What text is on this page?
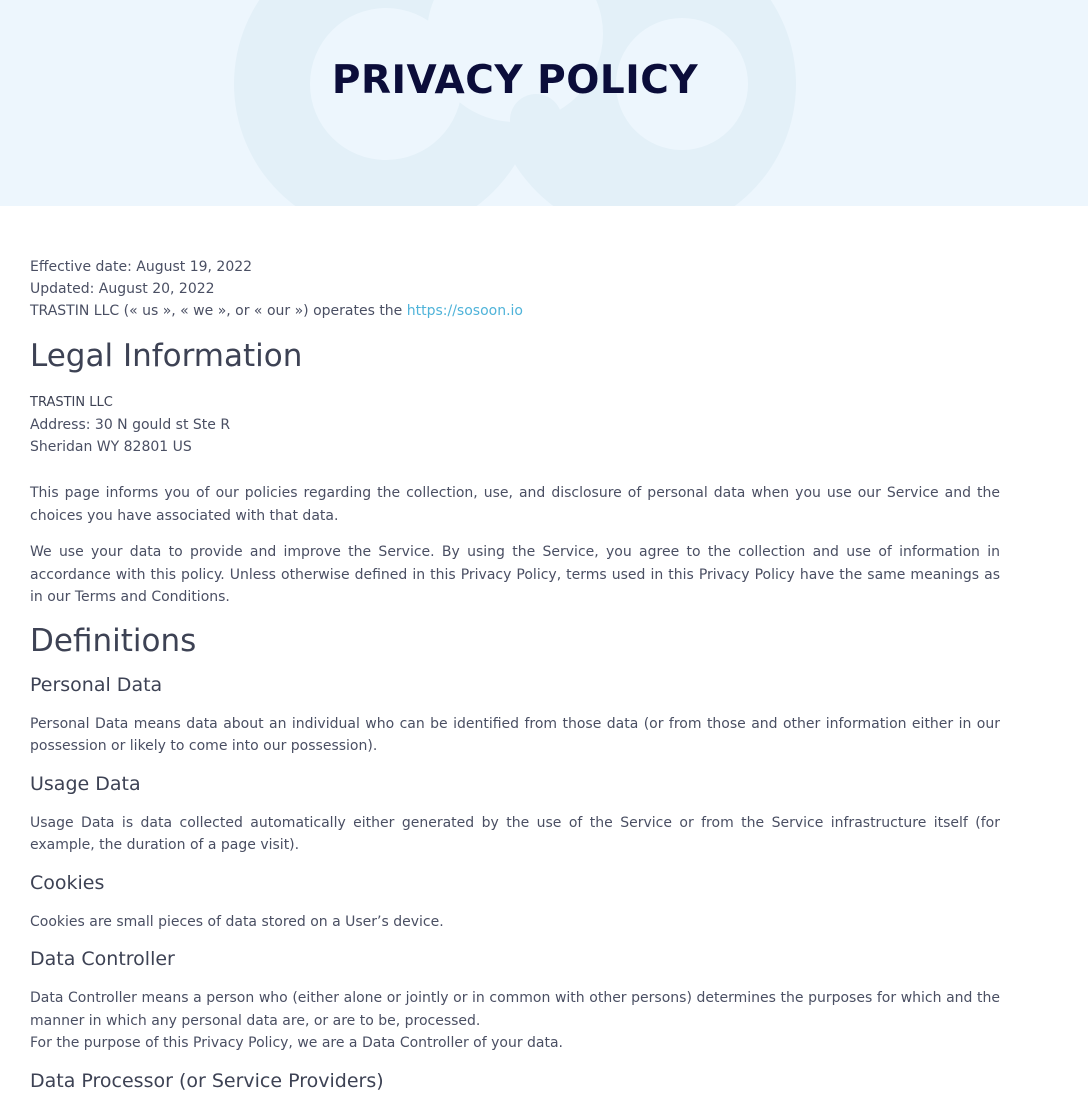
PRIVACY POLICY

Effective date: August 19, 2022

Updated: August 20, 2022

TRASTIN LLC (« us », « we », or « our ») operates the https://sosoon.io

Legal Information

TRASTIN LLC

Address: 30 N gould st Ste R

Sheridan WY 82801 US

This page informs you of our policies regarding the collection, use, and disclosure of personal data when you use our Service and the choices you have associated with that data.

We use your data to provide and improve the Service. By using the Service, you agree to the collection and use of information in accordance with this policy. Unless otherwise defined in this Privacy Policy, terms used in this Privacy Policy have the same meanings as in our Terms and Conditions.

Definitions
Personal Data

Personal Data means data about an individual who can be identified from those data (or from those and other information either in our possession or likely to come into our possession).

Usage Data

Usage Data is data collected automatically either generated by the use of the Service or from the Service infrastructure itself (for example, the duration of a page visit).

Cookies

Cookies are small pieces of data stored on a User’s device.

Data Controller

Data Controller means a person who (either alone or jointly or in common with other persons) determines the purposes for which and the manner in which any personal data are, or are to be, processed.

For the purpose of this Privacy Policy, we are a Data Controller of your data.

Data Processor (or Service Providers)
